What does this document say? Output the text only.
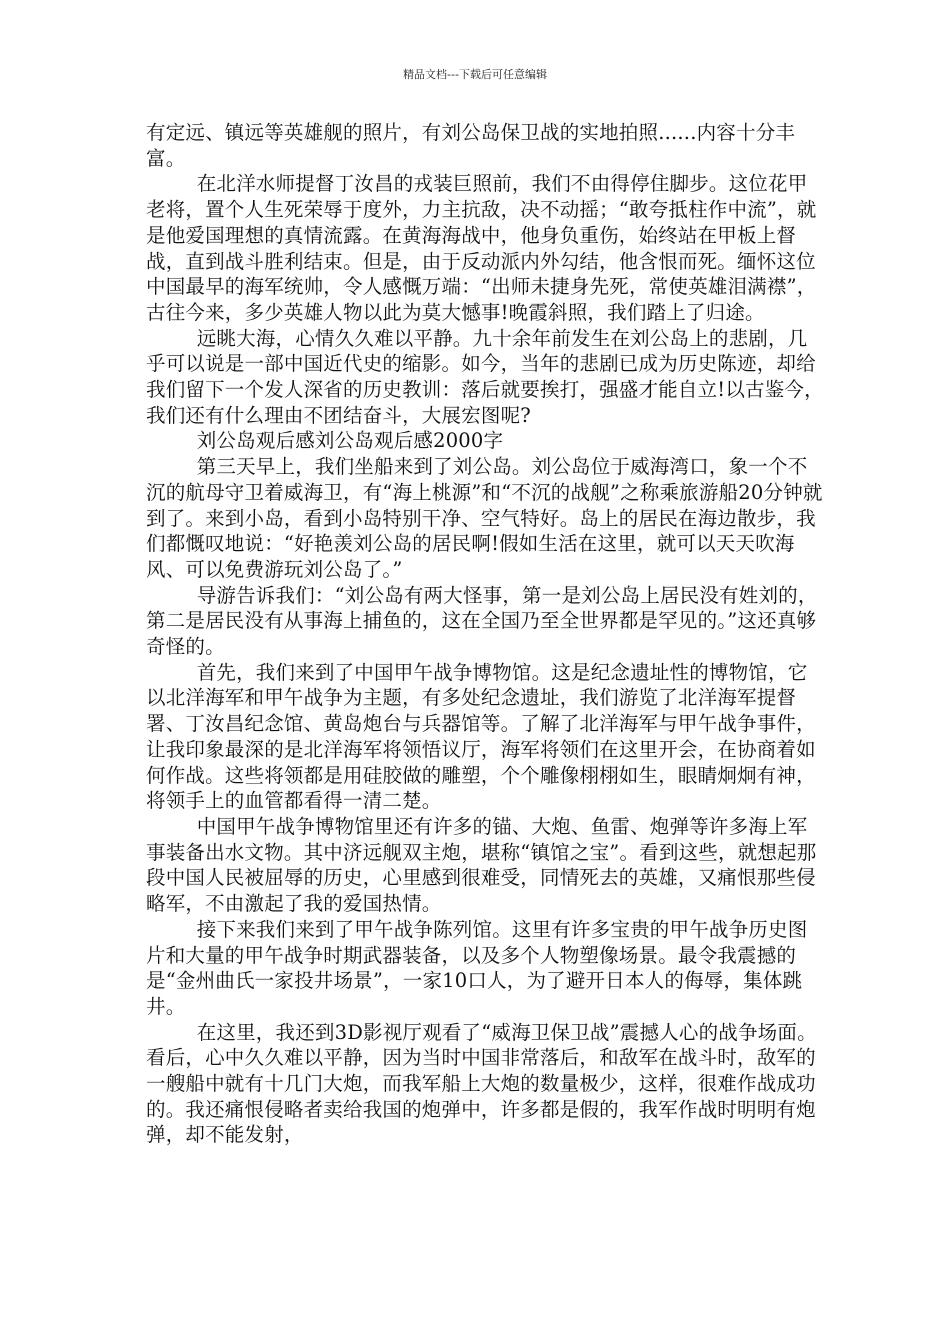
精品文档---下载后可任意编辑

有定远、镇远等英雄舰的照片，有刘公岛保卫战的实地拍照......内容十分丰富。

在北洋水师提督丁汝昌的戎装巨照前，我们不由得停住脚步。这位花甲老将，置个人生死荣辱于度外，力主抗敌，决不动摇；“敢夸抵柱作中流”，就是他爱国理想的真情流露。在黄海海战中，他身负重伤，始终站在甲板上督战，直到战斗胜利结束。但是，由于反动派内外勾结，他含恨而死。缅怀这位中国最早的海军统帅，令人感慨万端：“出师未捷身先死，常使英雄泪满襟”，古往今来，多少英雄人物以此为莫大憾事!晚霞斜照，我们踏上了归途。

远眺大海，心情久久难以平静。九十余年前发生在刘公岛上的悲剧，几乎可以说是一部中国近代史的缩影。如今，当年的悲剧已成为历史陈迹，却给我们留下一个发人深省的历史教训：落后就要挨打，强盛才能自立!以古鉴今，我们还有什么理由不团结奋斗，大展宏图呢?

刘公岛观后感刘公岛观后感2000字

第三天早上，我们坐船来到了刘公岛。刘公岛位于威海湾口，象一个不沉的航母守卫着威海卫，有“海上桃源”和“不沉的战舰”之称乘旅游船20分钟就到了。来到小岛，看到小岛特别干净、空气特好。岛上的居民在海边散步，我们都慨叹地说：“好艳羡刘公岛的居民啊!假如生活在这里，就可以天天吹海风、可以免费游玩刘公岛了。”

导游告诉我们：“刘公岛有两大怪事，第一是刘公岛上居民没有姓刘的，第二是居民没有从事海上捕鱼的，这在全国乃至全世界都是罕见的。”这还真够奇怪的。

首先，我们来到了中国甲午战争博物馆。这是纪念遗址性的博物馆，它以北洋海军和甲午战争为主题，有多处纪念遗址，我们游览了北洋海军提督署、丁汝昌纪念馆、黄岛炮台与兵器馆等。了解了北洋海军与甲午战争事件，让我印象最深的是北洋海军将领悟议厅，海军将领们在这里开会，在协商着如何作战。这些将领都是用硅胶做的雕塑，个个雕像栩栩如生，眼睛炯炯有神，将领手上的血管都看得一清二楚。

中国甲午战争博物馆里还有许多的锚、大炮、鱼雷、炮弹等许多海上军事装备出水文物。其中济远舰双主炮，堪称“镇馆之宝”。看到这些，就想起那段中国人民被屈辱的历史，心里感到很难受，同情死去的英雄，又痛恨那些侵略军，不由激起了我的爱国热情。

接下来我们来到了甲午战争陈列馆。这里有许多宝贵的甲午战争历史图片和大量的甲午战争时期武器装备，以及多个人物塑像场景。最令我震撼的是“金州曲氏一家投井场景”，一家10口人，为了避开日本人的侮辱，集体跳井。

在这里，我还到3D影视厅观看了“威海卫保卫战”震撼人心的战争场面。看后，心中久久难以平静，因为当时中国非常落后，和敌军在战斗时，敌军的一艘船中就有十几门大炮，而我军船上大炮的数量极少，这样，很难作战成功的。我还痛恨侵略者卖给我国的炮弹中，许多都是假的，我军作战时明明有炮弹，却不能发射，
